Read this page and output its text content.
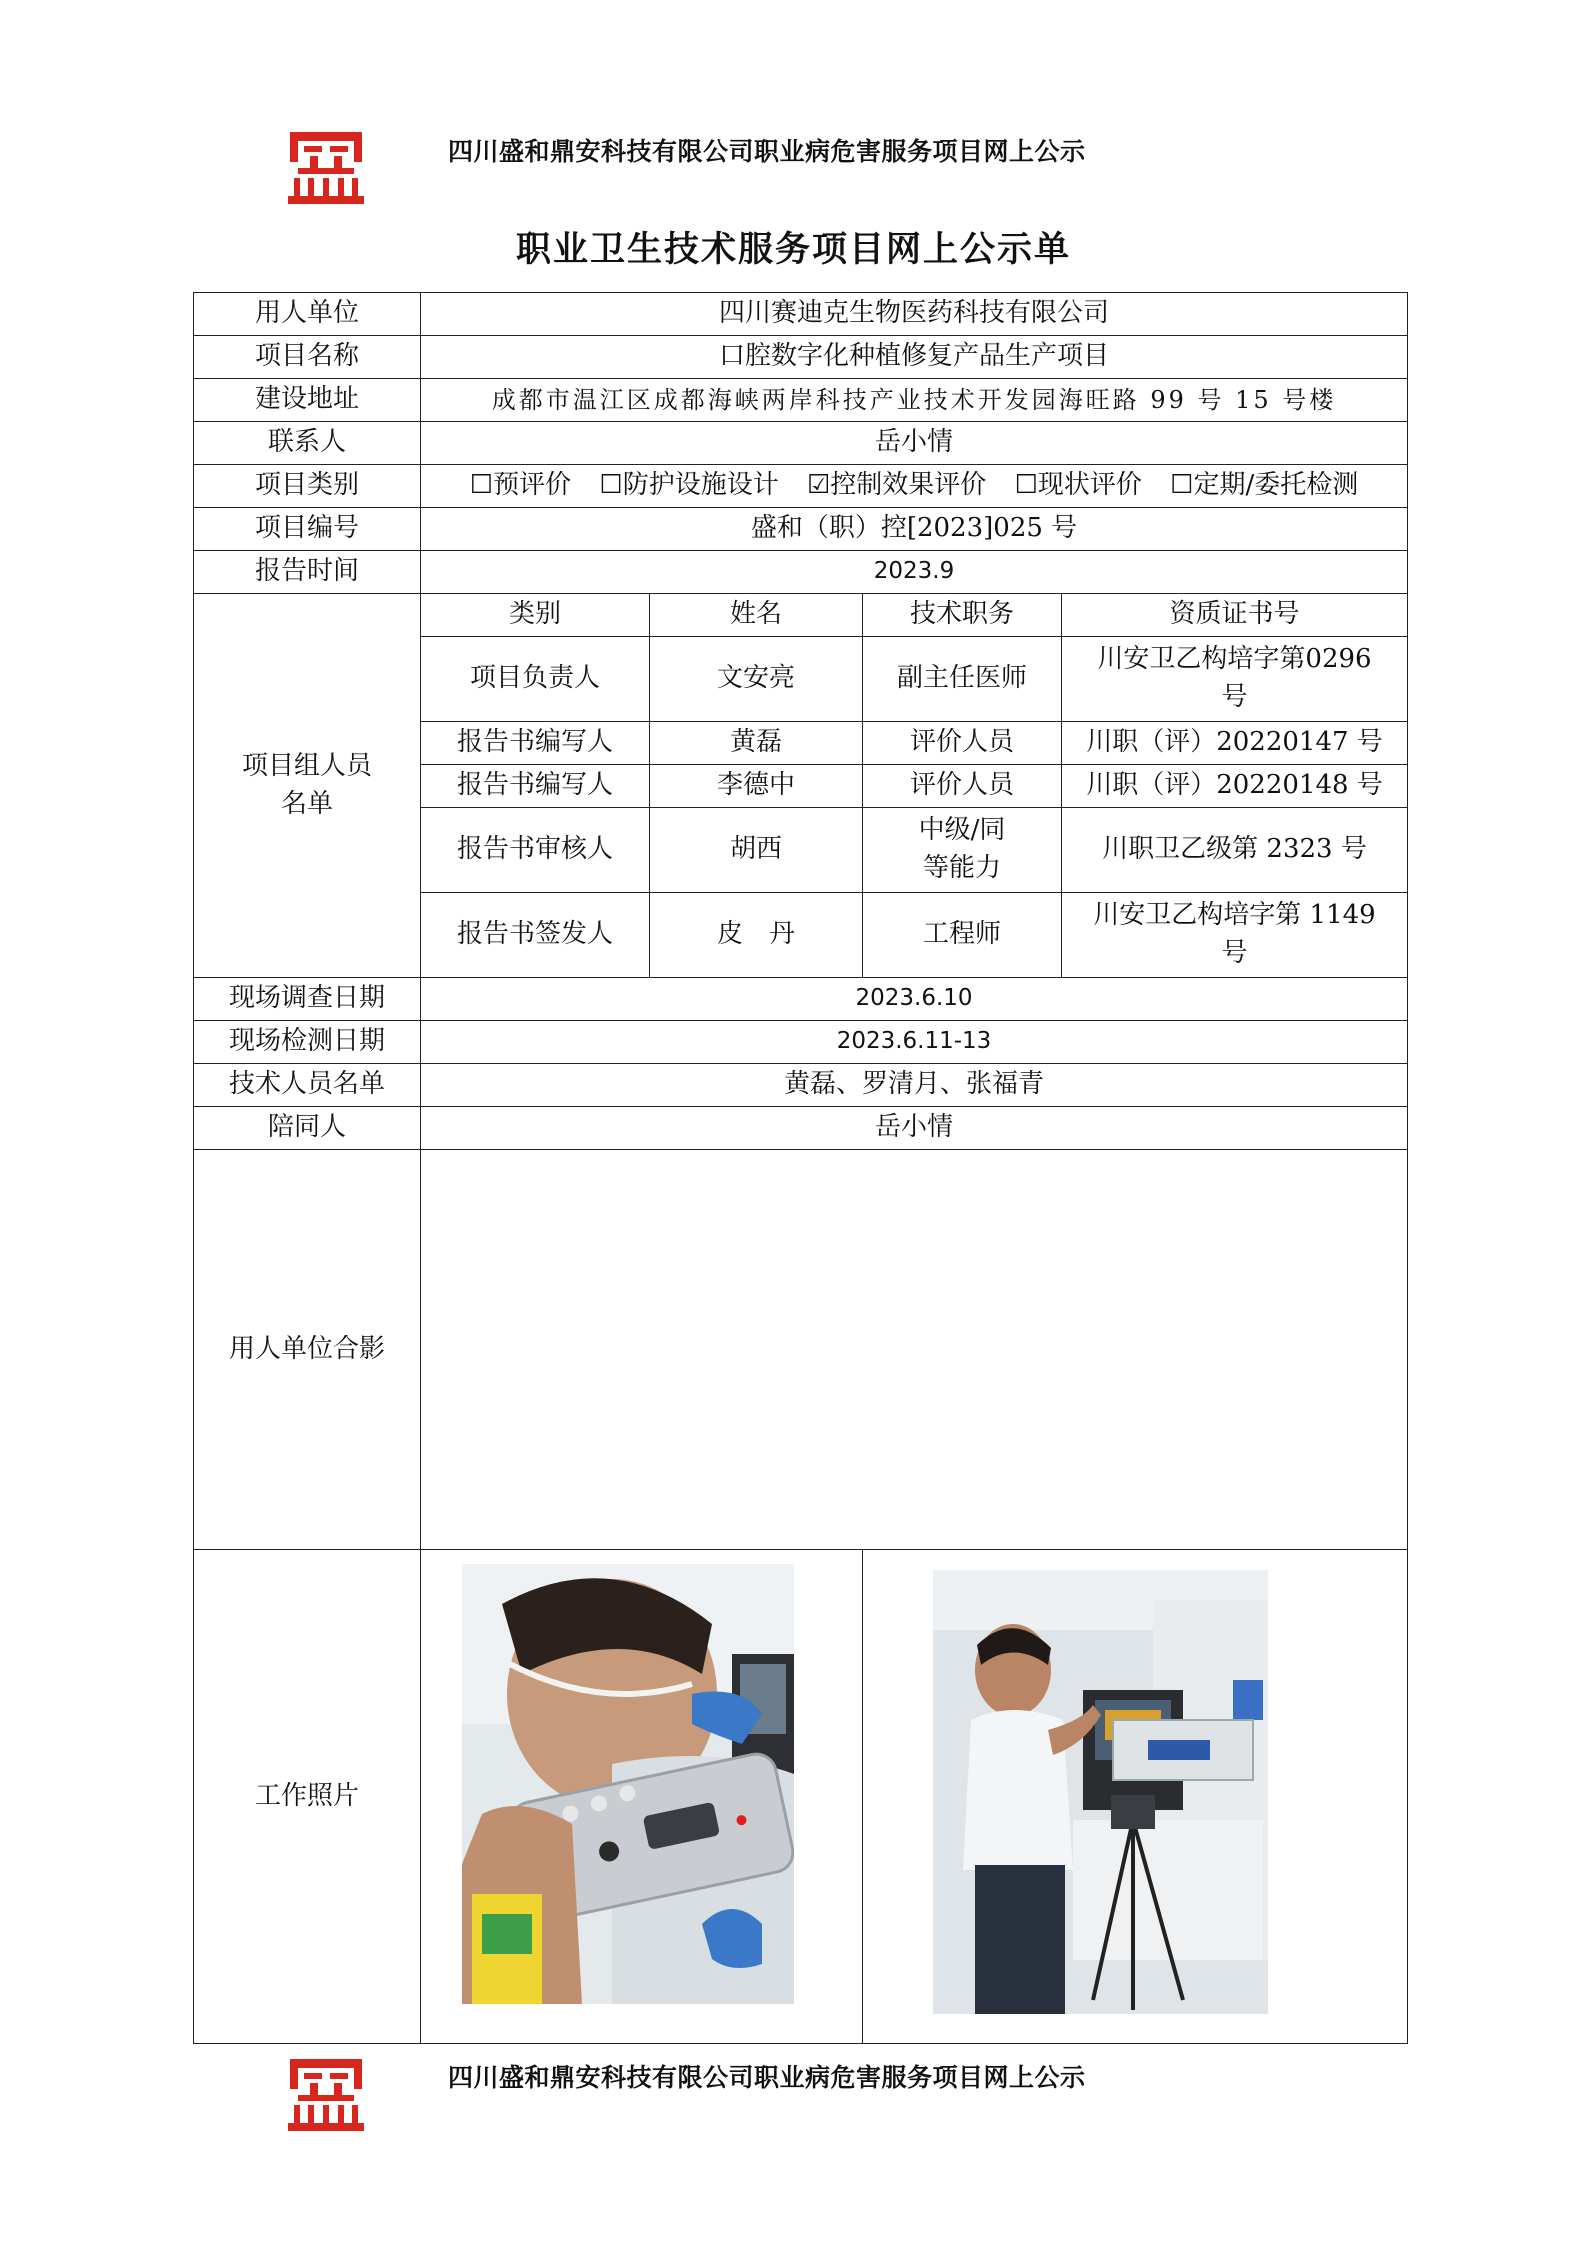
四川盛和鼎安科技有限公司职业病危害服务项目网上公示
职业卫生技术服务项目网上公示单
用人单位	四川赛迪克生物医药科技有限公司			
项目名称	口腔数字化种植修复产品生产项目			
建设地址	成都市温江区成都海峡两岸科技产业技术开发园海旺路 99 号 15 号楼			
联系人	岳小情			
项目类别	☐预评价 ☐防护设施设计 ☑控制效果评价 ☐现状评价 ☐定期/委托检测			
项目编号	盛和（职）控[2023]025 号			
报告时间	2023.9			
项目组人员名单	类别	姓名	技术职务	资质证书号
	项目负责人	文安亮	副主任医师	川安卫乙构培字第0296号
	报告书编写人	黄磊	评价人员	川职（评）20220147 号
	报告书编写人	李德中	评价人员	川职（评）20220148 号
	报告书审核人	胡西	中级/同等能力	川职卫乙级第 2323 号
	报告书签发人	皮　丹	工程师	川安卫乙构培字第 1149号
现场调查日期	2023.6.10			
现场检测日期	2023.6.11-13			
技术人员名单	黄磊、罗清月、张福青			
陪同人	岳小情			
用人单位合影				
工作照片	

四川盛和鼎安科技有限公司职业病危害服务项目网上公示
